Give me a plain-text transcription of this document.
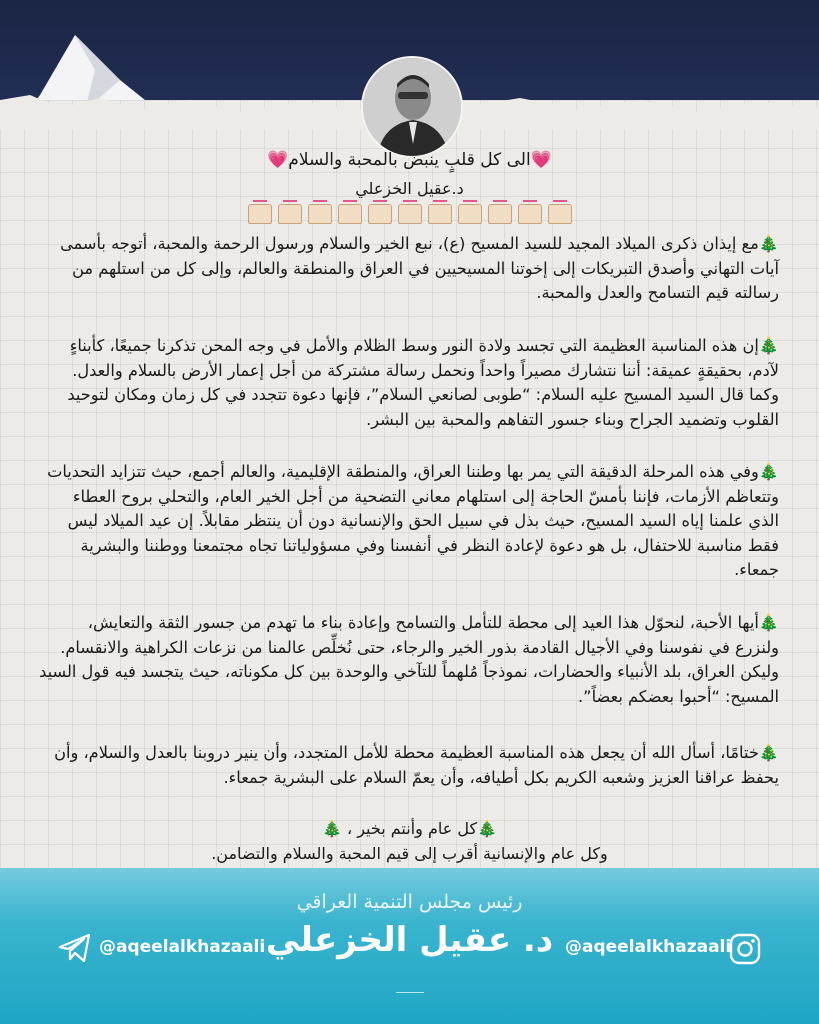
💗الى كل قلبٍ ينبض بالمحبة والسلام💗
د.عقيل الخزعلي
🎄مع إيذان ذكرى الميلاد المجيد للسيد المسيح (ع)، نبع الخير والسلام ورسول الرحمة والمحبة، أتوجه بأسمى آيات التهاني وأصدق التبريكات إلى إخوتنا المسيحيين في العراق والمنطقة والعالم، وإلى كل من استلهم من رسالته قيم التسامح والعدل والمحبة.
🎄إن هذه المناسبة العظيمة التي تجسد ولادة النور وسط الظلام والأمل في وجه المحن تذكرنا جميعًا، كأبناءٍ لآدم، بحقيقةٍ عميقة: أننا نتشارك مصيراً واحداً ونحمل رسالة مشتركة من أجل إعمار الأرض بالسلام والعدل. وكما قال السيد المسيح عليه السلام: “طوبى لصانعي السلام”، فإنها دعوة تتجدد في كل زمان ومكان لتوحيد القلوب وتضميد الجراح وبناء جسور التفاهم والمحبة بين البشر.
🎄وفي هذه المرحلة الدقيقة التي يمر بها وطننا العراق، والمنطقة الإقليمية، والعالم أجمع، حيث تتزايد التحديات وتتعاظم الأزمات، فإننا بأمسّ الحاجة إلى استلهام معاني التضحية من أجل الخير العام، والتحلي بروح العطاء الذي علمنا إياه السيد المسيح، حيث بذل في سبيل الحق والإنسانية دون أن ينتظر مقابلاً. إن عيد الميلاد ليس فقط مناسبة للاحتفال، بل هو دعوة لإعادة النظر في أنفسنا وفي مسؤولياتنا تجاه مجتمعنا ووطننا والبشرية جمعاء.
🎄أيها الأحبة، لنحوّل هذا العيد إلى محطة للتأمل والتسامح وإعادة بناء ما تهدم من جسور الثقة والتعايش، ولنزرع في نفوسنا وفي الأجيال القادمة بذور الخير والرجاء، حتى نُخلِّص عالمنا من نزعات الكراهية والانقسام. وليكن العراق، بلد الأنبياء والحضارات، نموذجاً مُلهماً للتآخي والوحدة بين كل مكوناته، حيث يتجسد فيه قول السيد المسيح: “أحبوا بعضكم بعضاً”.
🎄ختامًا، أسأل الله أن يجعل هذه المناسبة العظيمة محطة للأمل المتجدد، وأن ينير دروبنا بالعدل والسلام، وأن يحفظ عراقنا العزيز وشعبه الكريم بكل أطيافه، وأن يعمّ السلام على البشرية جمعاء.
🎄كل عام وأنتم بخير ، 🎄
وكل عام والإنسانية أقرب إلى قيم المحبة والسلام والتضامن.
رئيس مجلس التنمية العراقي
د. عقيل الخزعلي
@aqeelalkhazaali	@aqeelalkhazaali
